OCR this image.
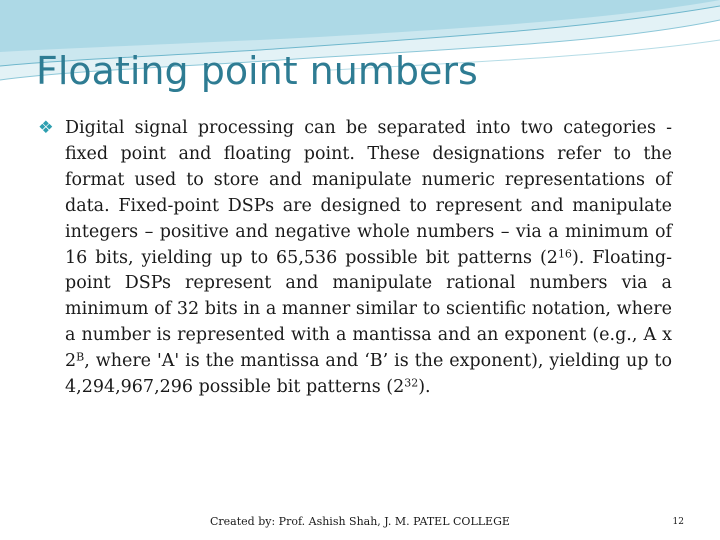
Floating point numbers

❖ Digital signal processing can be separated into two categories - fixed point and floating point. These designations refer to the format used to store and manipulate numeric representations of data. Fixed-point DSPs are designed to represent and manipulate integers – positive and negative whole numbers – via a minimum of 16 bits, yielding up to 65,536 possible bit patterns $(2^{16})$. Floating-point DSPs represent and manipulate rational numbers via a minimum of 32 bits in a manner similar to scientific notation, where a number is represented with a mantissa and an exponent (e.g., A x $2^B$, where 'A' is the mantissa and ‘B’ is the exponent), yielding up to 4,294,967,296 possible bit patterns $(2^{32})$.

Created by: Prof. Ashish Shah, J. M. PATEL COLLEGE	12
